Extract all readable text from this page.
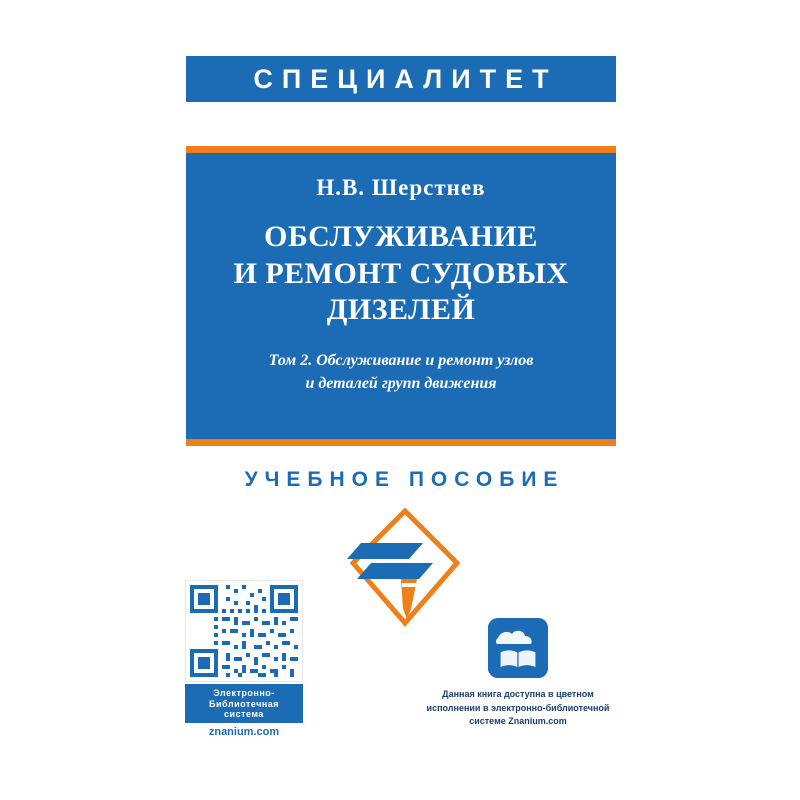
СПЕЦИАЛИТЕТ
Н.В. Шерстнев
ОБСЛУЖИВАНИЕ
И РЕМОНТ СУДОВЫХ
ДИЗЕЛЕЙ
Том 2. Обслуживание и ремонт узлов
и деталей групп движения
УЧЕБНОЕ ПОСОБИЕ
Электронно-
Библиотечная
система
znanium.com
Данная книга доступна в цветном
исполнении в электронно-библиотечной
системе Znanium.com
